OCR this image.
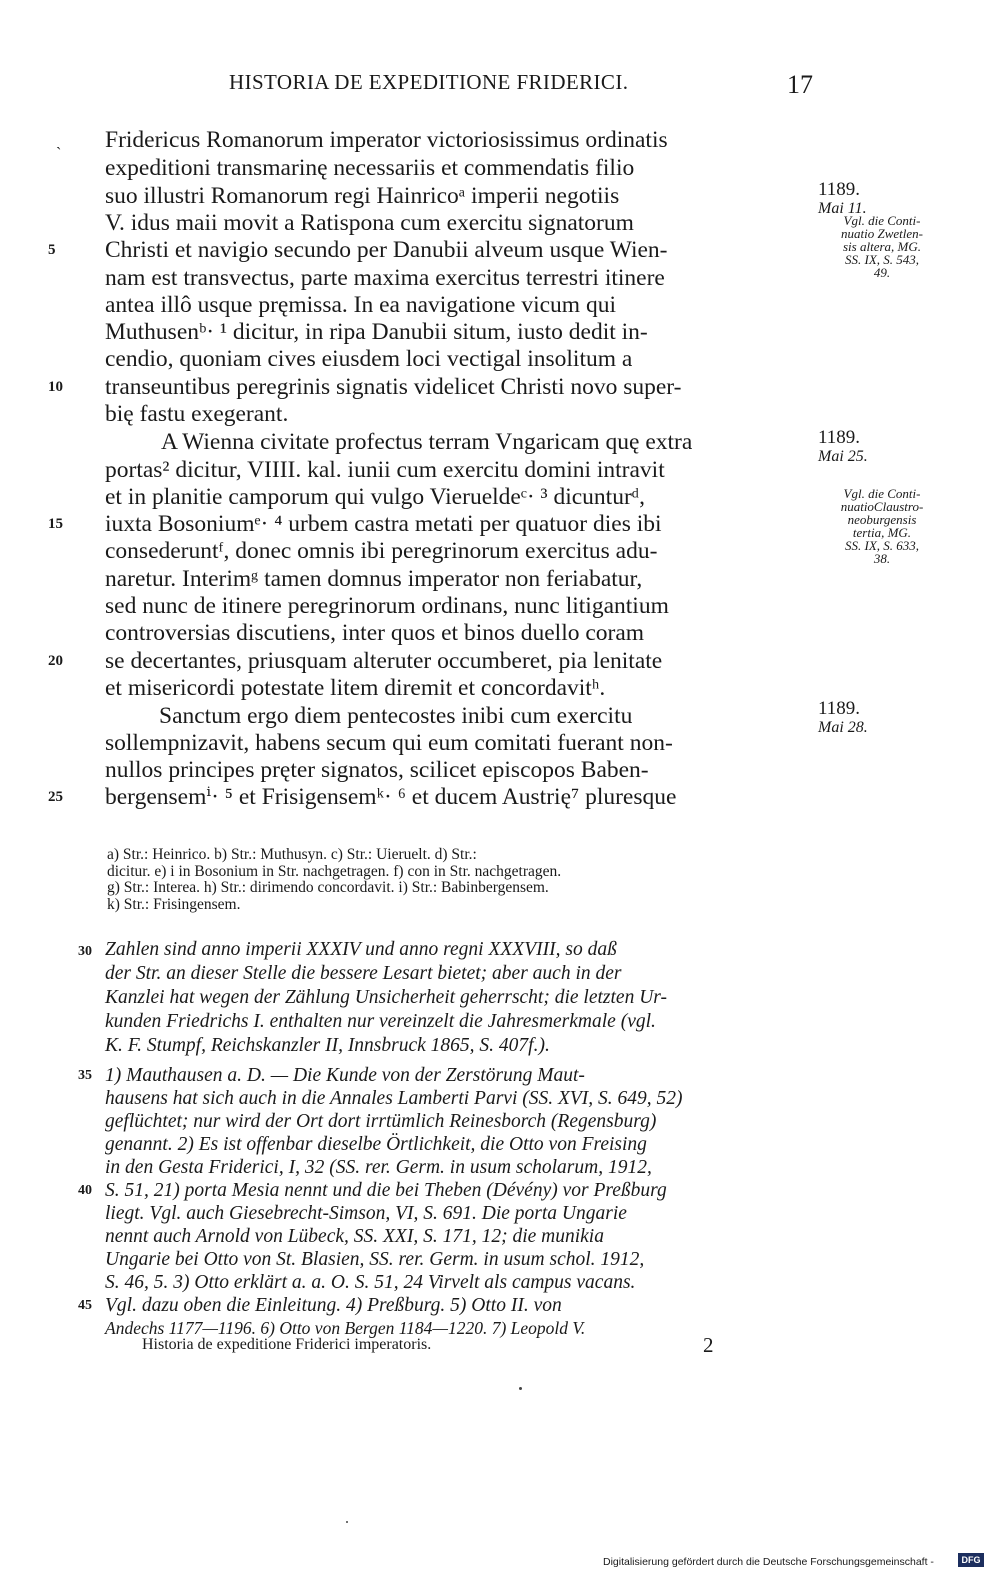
HISTORIA DE EXPEDITIONE FRIDERICI.	17
ˎ Fridericus Romanorum imperator victoriosissimus ordinatis
expeditioni transmarinę necessariis et commendatis filio
suo illustri Romanorum regi Hainricoᵃ imperii negotiis
V. idus maii movit a Ratispona cum exercitu signatorum
Christi et navigio secundo per Danubii alveum usque Wien-
nam est transvectus, parte maxima exercitus terrestri itinere
antea illô usque pręmissa. In ea navigatione vicum qui
Muthusenᵇ· ¹ dicitur, in ripa Danubii situm, iusto dedit in-
cendio, quoniam cives eiusdem loci vectigal insolitum a
transeuntibus peregrinis signatis videlicet Christi novo super-
bię fastu exegerant.
A Wienna civitate profectus terram Vngaricam quę extra
portas² dicitur, VIIII. kal. iunii cum exercitu domini intravit
et in planitie camporum qui vulgo Vierueldeᶜ· ³ dicunturᵈ,
iuxta Bosoniumᵉ· ⁴ urbem castra metati per quatuor dies ibi
consederuntᶠ, donec omnis ibi peregrinorum exercitus adu-
naretur. Interimᵍ tamen domnus imperator non feriabatur,
sed nunc de itinere peregrinorum ordinans, nunc litigantium
controversias discutiens, inter quos et binos duello coram
se decertantes, priusquam alteruter occumberet, pia lenitate
et misericordi potestate litem diremit et concordavitʰ.
Sanctum ergo diem pentecostes inibi cum exercitu
sollempnizavit, habens secum qui eum comitati fuerant non-
nullos principes pręter signatos, scilicet episcopos Baben-
bergensemⁱ· ⁵ et Frisigensemᵏ· ⁶ et ducem Austrię⁷ pluresque
5
10
15
20
25
1189.
Mai 11.
Vgl. die Conti-
nuatio Zwetlen-
sis altera, MG.
SS. IX, S. 543,
49.
1189.
Mai 25.
Vgl. die Conti-
nuatioClaustro-
neoburgensis
tertia, MG.
SS. IX, S. 633,
38.
1189.
Mai 28.
a) Str.: Heinrico. b) Str.: Muthusyn. c) Str.: Uieruelt. d) Str.:
dicitur. e) i in Bosonium in Str. nachgetragen. f) con in Str. nachgetragen.
g) Str.: Interea. h) Str.: dirimendo concordavit. i) Str.: Babinbergensem.
k) Str.: Frisingensem.
Zahlen sind anno imperii XXXIV und anno regni XXXVIII, so daß
der Str. an dieser Stelle die bessere Lesart bietet; aber auch in der
Kanzlei hat wegen der Zählung Unsicherheit geherrscht; die letzten Ur-
kunden Friedrichs I. enthalten nur vereinzelt die Jahresmerkmale (vgl.
K. F. Stumpf, Reichskanzler II, Innsbruck 1865, S. 407f.).
1) Mauthausen a. D. — Die Kunde von der Zerstörung Maut-
hausens hat sich auch in die Annales Lamberti Parvi (SS. XVI, S. 649, 52)
geflüchtet; nur wird der Ort dort irrtümlich Reinesborch (Regensburg)
genannt. 2) Es ist offenbar dieselbe Örtlichkeit, die Otto von Freising
in den Gesta Friderici, I, 32 (SS. rer. Germ. in usum scholarum, 1912,
S. 51, 21) porta Mesia nennt und die bei Theben (Dévény) vor Preßburg
liegt. Vgl. auch Giesebrecht-Simson, VI, S. 691. Die porta Ungarie
nennt auch Arnold von Lübeck, SS. XXI, S. 171, 12; die munikia
Ungarie bei Otto von St. Blasien, SS. rer. Germ. in usum schol. 1912,
S. 46, 5. 3) Otto erklärt a. a. O. S. 51, 24 Virvelt als campus vacans.
Vgl. dazu oben die Einleitung. 4) Preßburg. 5) Otto II. von
Andechs 1177—1196. 6) Otto von Bergen 1184—1220. 7) Leopold V.
30
35
40
45
Historia de expeditione Friderici imperatoris.	2
Digitalisierung gefördert durch die Deutsche Forschungsgemeinschaft -	DFG
